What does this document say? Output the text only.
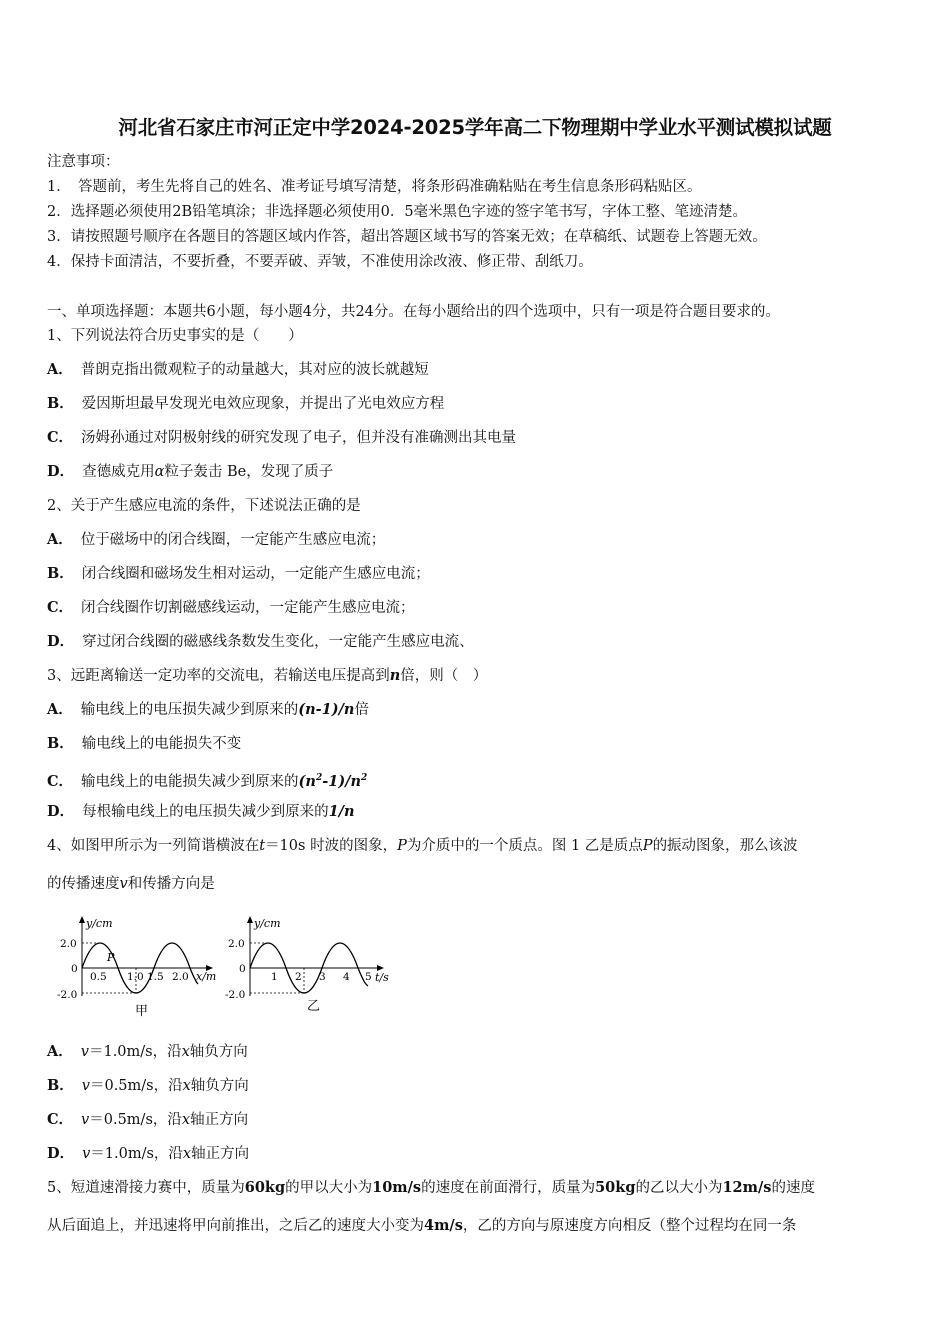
河北省石家庄市河正定中学2024-2025学年高二下物理期中学业水平测试模拟试题
注意事项：
1．　答题前，考生先将自己的姓名、准考证号填写清楚，将条形码准确粘贴在考生信息条形码粘贴区。
2．选择题必须使用2B铅笔填涂；非选择题必须使用0．5毫米黑色字迹的签字笔书写，字体工整、笔迹清楚。
3．请按照题号顺序在各题目的答题区域内作答，超出答题区域书写的答案无效；在草稿纸、试题卷上答题无效。
4．保持卡面清洁，不要折叠，不要弄破、弄皱，不准使用涂改液、修正带、刮纸刀。
一、单项选择题：本题共6小题，每小题4分，共24分。在每小题给出的四个选项中，只有一项是符合题目要求的。
1、下列说法符合历史事实的是（　　）
A． 普朗克指出微观粒子的动量越大，其对应的波长就越短
B． 爱因斯坦最早发现光电效应现象，并提出了光电效应方程
C． 汤姆孙通过对阴极射线的研究发现了电子，但并没有准确测出其电量
D． 查德威克用α粒子轰击 Be，发现了质子
2、关于产生感应电流的条件，下述说法正确的是
A． 位于磁场中的闭合线圈，一定能产生感应电流；
B． 闭合线圈和磁场发生相对运动，一定能产生感应电流；
C． 闭合线圈作切割磁感线运动，一定能产生感应电流；
D． 穿过闭合线圈的磁感线条数发生变化，一定能产生感应电流、
3、远距离输送一定功率的交流电，若输送电压提高到n倍，则（　）
A． 输电线上的电压损失减少到原来的(n-1)/n倍
B． 输电线上的电能损失不变
C． 输电线上的电能损失减少到原来的$(n^2-1)/n^2$
D． 每根输电线上的电压损失减少到原来的1/n
4、如图甲所示为一列简谐横波在t＝10s 时波的图象，P为介质中的一个质点。图 1 乙是质点P的振动图象，那么该波
的传播速度v和传播方向是
y/cm
2.0
0
-2.0
P
0.5 1.0 1.5 2.0 x/m
甲
y/cm
2.0
0
-2.0
1 2 3 4 5 t/s
乙
A． v＝1.0m/s，沿x轴负方向
B． v＝0.5m/s，沿x轴负方向
C． v＝0.5m/s，沿x轴正方向
D． v＝1.0m/s，沿x轴正方向
5、短道速滑接力赛中，质量为60kg的甲以大小为10m/s的速度在前面滑行，质量为50kg的乙以大小为12m/s的速度
从后面追上，并迅速将甲向前推出，之后乙的速度大小变为4m/s，乙的方向与原速度方向相反（整个过程均在同一条
